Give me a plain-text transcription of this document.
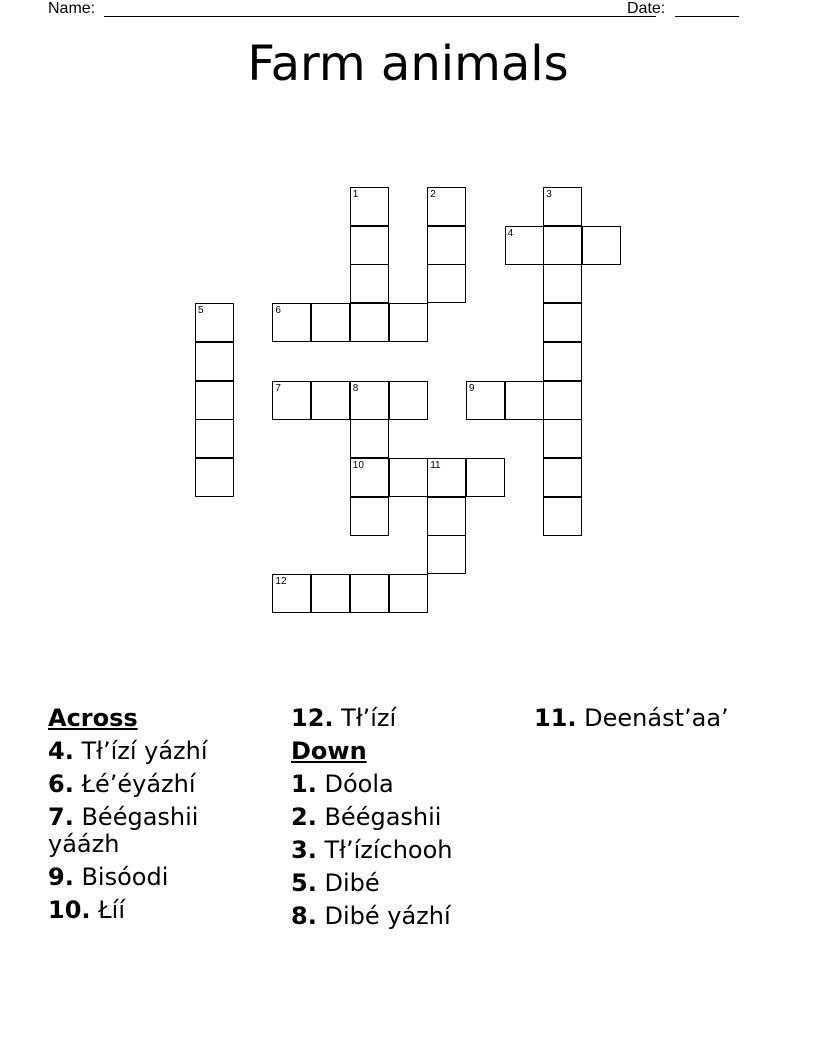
Name:	Date:
Farm animals
1	2	3
4
5	6
7	8	9
10	11
12
Across
4. Tł’ízí yázhí
6. Łé’éyázhí
7. Béégashii yáázh
9. Bisóodi
10. Łíí
12. Tł’ízí
Down
1. Dóola
2. Béégashii
3. Tł’ízíchooh
5. Dibé
8. Dibé yázhí
11. Deenást’aa’
